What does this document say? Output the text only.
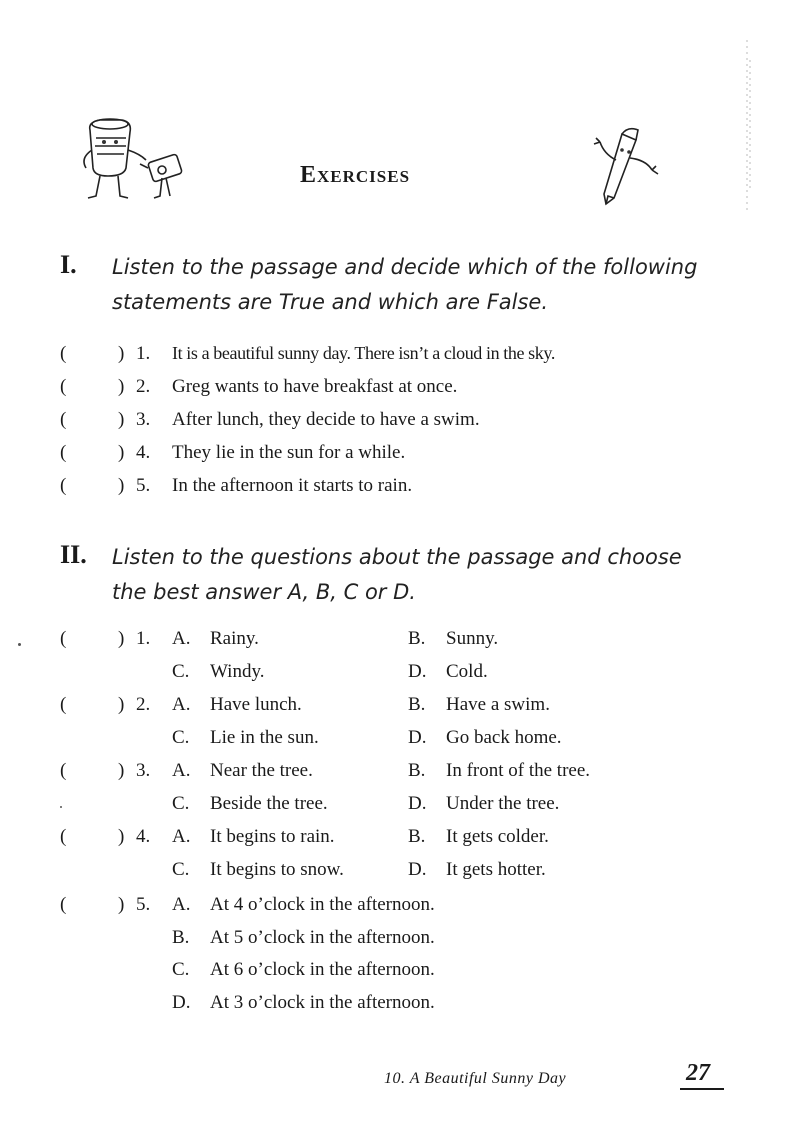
Exercises
I. Listen to the passage and decide which of the following statements are True and which are False.
(	) 1. It is a beautiful sunny day. There isn’t a cloud in the sky.
(	) 2. Greg wants to have breakfast at once.
(	) 3. After lunch, they decide to have a swim.
(	) 4. They lie in the sun for a while.
(	) 5. In the afternoon it starts to rain.
II. Listen to the questions about the passage and choose the best answer A, B, C or D.
(	) 1. A. Rainy.	B. Sunny.
C. Windy.	D. Cold.
(	) 2. A. Have lunch.	B. Have a swim.
C. Lie in the sun.	D. Go back home.
(	) 3. A. Near the tree.	B. In front of the tree.
C. Beside the tree.	D. Under the tree.
(	) 4. A. It begins to rain.	B. It gets colder.
C. It begins to snow.	D. It gets hotter.
(	) 5. A. At 4 o’clock in the afternoon.
B. At 5 o’clock in the afternoon.
C. At 6 o’clock in the afternoon.
D. At 3 o’clock in the afternoon.
10. A Beautiful Sunny Day	27
